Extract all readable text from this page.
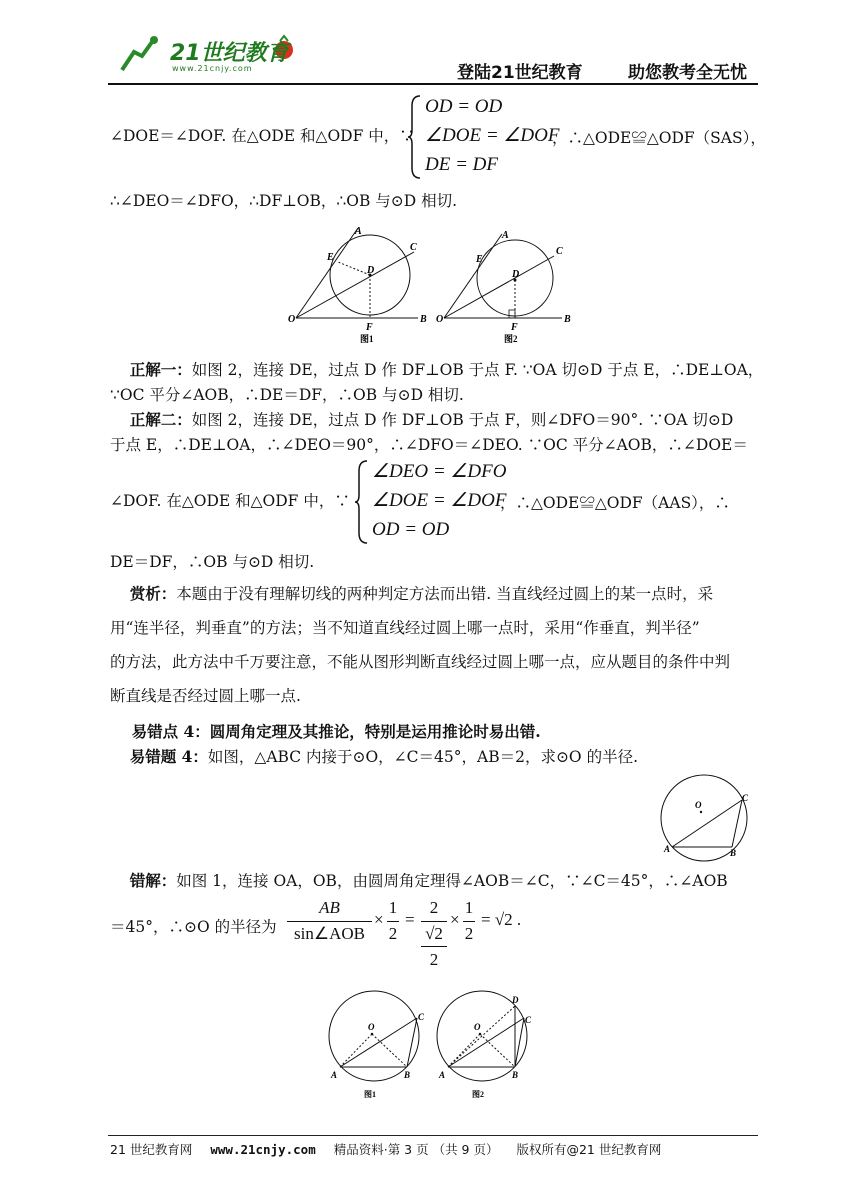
21世纪教育
www.21cnjy.com	登陆21世纪教育	助您教考全无忧
∠DOE＝∠DOF. 在△ODE 和△ODF 中，∵
OD = OD
∠DOE = ∠DOF
DE = DF
，∴△ODE≌△ODF（SAS），
∴∠DEO＝∠DFO，∴DF⊥OB，∴OB 与⊙D 相切.
A
C
E
D
O	B
F
图1
A
C
E
D
O	B
F
图2
正解一：如图 2，连接 DE，过点 D 作 DF⊥OB 于点 F. ∵OA 切⊙D 于点 E，∴DE⊥OA，
∵OC 平分∠AOB，∴DE＝DF，∴OB 与⊙D 相切.
正解二：如图 2，连接 DE，过点 D 作 DF⊥OB 于点 F，则∠DFO＝90°. ∵OA 切⊙D
于点 E，∴DE⊥OA，∴∠DEO＝90°，∴∠DFO＝∠DEO. ∵OC 平分∠AOB，∴∠DOE＝
∠DOF. 在△ODE 和△ODF 中，∵
∠DEO = ∠DFO
∠DOE = ∠DOF
OD = OD
，∴△ODE≌△ODF（AAS），∴
DE＝DF，∴OB 与⊙D 相切.
赏析：本题由于没有理解切线的两种判定方法而出错. 当直线经过圆上的某一点时，采
用“连半径，判垂直”的方法；当不知道直线经过圆上哪一点时，采用“作垂直，判半径”
的方法，此方法中千万要注意，不能从图形判断直线经过圆上哪一点，应从题目的条件中判
断直线是否经过圆上哪一点.
易错点 4：圆周角定理及其推论，特别是运用推论时易出错.
易错题 4：如图，△ABC 内接于⊙O，∠C＝45°，AB＝2，求⊙O 的半径.
O
C
A	B
错解：如图 1，连接 OA，OB，由圆周角定理得∠AOB＝∠C，∵∠C＝45°，∴∠AOB
＝45°，∴⊙O 的半径为
AB
sin∠AOB
×
1
2
=
2
√2
2
×
1
2
= √2 .
O
C
A	B
图1
O
D
C
A	B
图2
21 世纪教育网 www.21cnjy.com 精品资料·第 3 页 （共 9 页） 版权所有@21 世纪教育网
